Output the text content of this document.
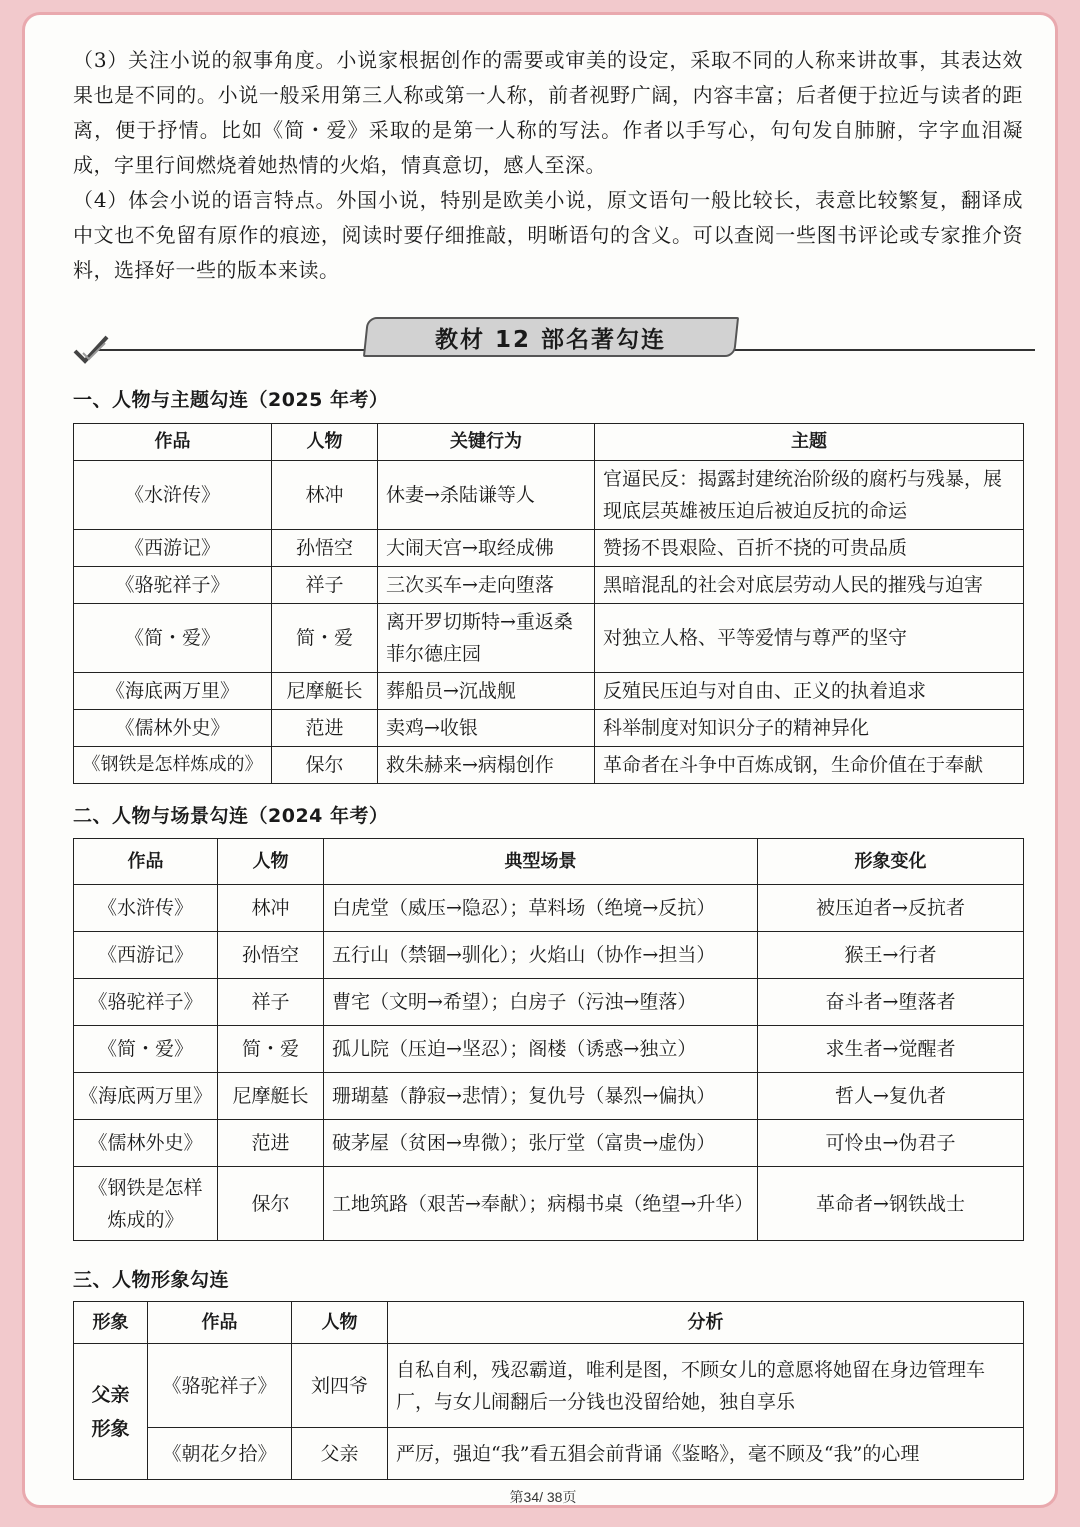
（3）关注小说的叙事角度。小说家根据创作的需要或审美的设定，采取不同的人称来讲故事，其表达效果也是不同的。小说一般采用第三人称或第一人称，前者视野广阔，内容丰富；后者便于拉近与读者的距离，便于抒情。比如《简・爱》采取的是第一人称的写法。作者以手写心，句句发自肺腑，字字血泪凝成，字里行间燃烧着她热情的火焰，情真意切，感人至深。

（4）体会小说的语言特点。外国小说，特别是欧美小说，原文语句一般比较长，表意比较繁复，翻译成中文也不免留有原作的痕迹，阅读时要仔细推敲，明晰语句的含义。可以查阅一些图书评论或专家推介资料，选择好一些的版本来读。

教材 12 部名著勾连
一、人物与主题勾连（2025 年考）
作品	人物	关键行为	主题
《水浒传》	林冲	休妻→杀陆谦等人	官逼民反：揭露封建统治阶级的腐朽与残暴，展现底层英雄被压迫后被迫反抗的命运
《西游记》	孙悟空	大闹天宫→取经成佛	赞扬不畏艰险、百折不挠的可贵品质
《骆驼祥子》	祥子	三次买车→走向堕落	黑暗混乱的社会对底层劳动人民的摧残与迫害
《简・爱》	简・爱	离开罗切斯特→重返桑菲尔德庄园	对独立人格、平等爱情与尊严的坚守
《海底两万里》	尼摩艇长	葬船员→沉战舰	反殖民压迫与对自由、正义的执着追求
《儒林外史》	范进	卖鸡→收银	科举制度对知识分子的精神异化
《钢铁是怎样炼成的》	保尔	救朱赫来→病榻创作	革命者在斗争中百炼成钢，生命价值在于奉献
二、人物与场景勾连（2024 年考）
作品	人物	典型场景	形象变化
《水浒传》	林冲	白虎堂（威压→隐忍）；草料场（绝境→反抗）	被压迫者→反抗者
《西游记》	孙悟空	五行山（禁锢→驯化）；火焰山（协作→担当）	猴王→行者
《骆驼祥子》	祥子	曹宅（文明→希望）；白房子（污浊→堕落）	奋斗者→堕落者
《简・爱》	简・爱	孤儿院（压迫→坚忍）；阁楼（诱惑→独立）	求生者→觉醒者
《海底两万里》	尼摩艇长	珊瑚墓（静寂→悲情）；复仇号（暴烈→偏执）	哲人→复仇者
《儒林外史》	范进	破茅屋（贫困→卑微）；张厅堂（富贵→虚伪）	可怜虫→伪君子
《钢铁是怎样炼成的》	保尔	工地筑路（艰苦→奉献）；病榻书桌（绝望→升华）	革命者→钢铁战士
三、人物形象勾连
形象	作品	人物	分析
父亲形象	《骆驼祥子》	刘四爷	自私自利，残忍霸道，唯利是图，不顾女儿的意愿将她留在身边管理车厂，与女儿闹翻后一分钱也没留给她，独自享乐
	《朝花夕拾》	父亲	严厉，强迫“我”看五猖会前背诵《鉴略》，毫不顾及“我”的心理
第34/ 38页
